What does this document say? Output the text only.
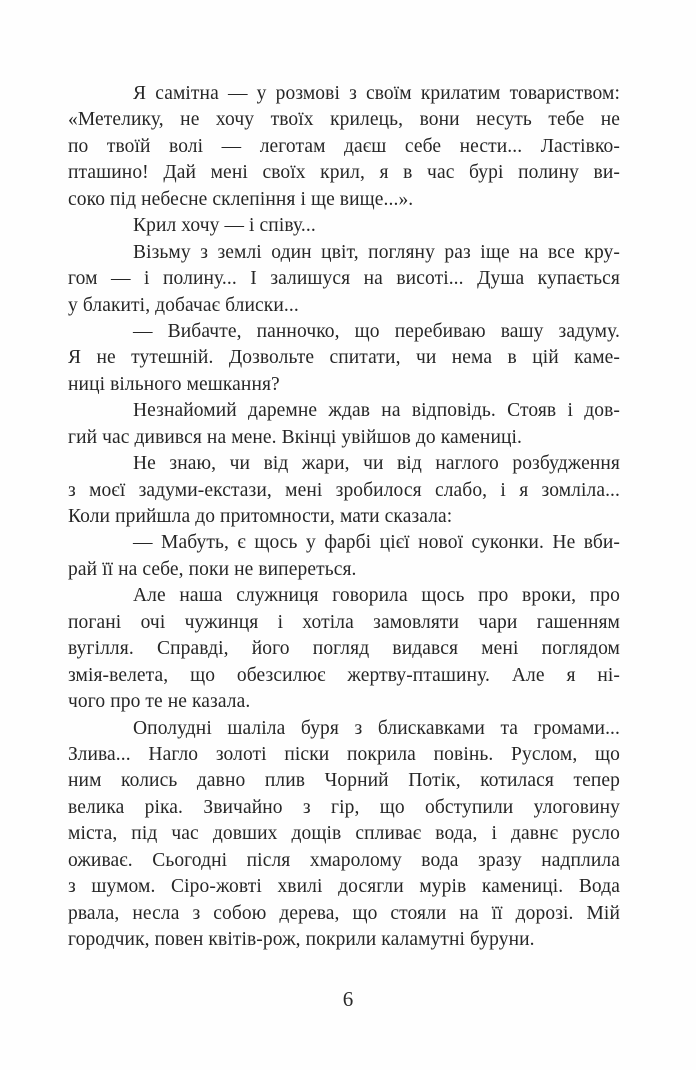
Я самітна — у розмові з своїм крилатим товариством:
«Метелику, не хочу твоїх крилець, вони несуть тебе не
по твоїй волі — леготам даєш себе нести... Ластівко-
пташино! Дай мені своїх крил, я в час бурі полину ви-
соко під небесне склепіння і ще вище...».
Крил хочу — і співу...
Візьму з землі один цвіт, погляну раз іще на все кру-
гом — і полину... І залишуся на висоті... Душа купається
у блакиті, добачає блиски...
— Вибачте, панночко, що перебиваю вашу задуму.
Я не тутешній. Дозвольте спитати, чи нема в цій каме-
ниці вільного мешкання?
Незнайомий даремне ждав на відповідь. Стояв і дов-
гий час дивився на мене. Вкінці увійшов до камениці.
Не знаю, чи від жари, чи від наглого розбудження
з моєї задуми-екстази, мені зробилося слабо, і я зомліла...
Коли прийшла до притомности, мати сказала:
— Мабуть, є щось у фарбі цієї нової суконки. Не вби-
рай її на себе, поки не випереться.
Але наша служниця говорила щось про вроки, про
погані очі чужинця і хотіла замовляти чари гашенням
вугілля. Справді, його погляд видався мені поглядом
змія-велета, що обезсилює жертву-пташину. Але я ні-
чого про те не казала.
Ополудні шаліла буря з блискавками та громами...
Злива... Нагло золоті піски покрила повінь. Руслом, що
ним колись давно плив Чорний Потік, котилася тепер
велика ріка. Звичайно з гір, що обступили улоговину
міста, під час довших дощів спливає вода, і давнє русло
оживає. Сьогодні після хмаролому вода зразу надплила
з шумом. Сіро-жовті хвилі досягли мурів камениці. Вода
рвала, несла з собою дерева, що стояли на її дорозі. Мій
городчик, повен квітів-рож, покрили каламутні буруни.
6
